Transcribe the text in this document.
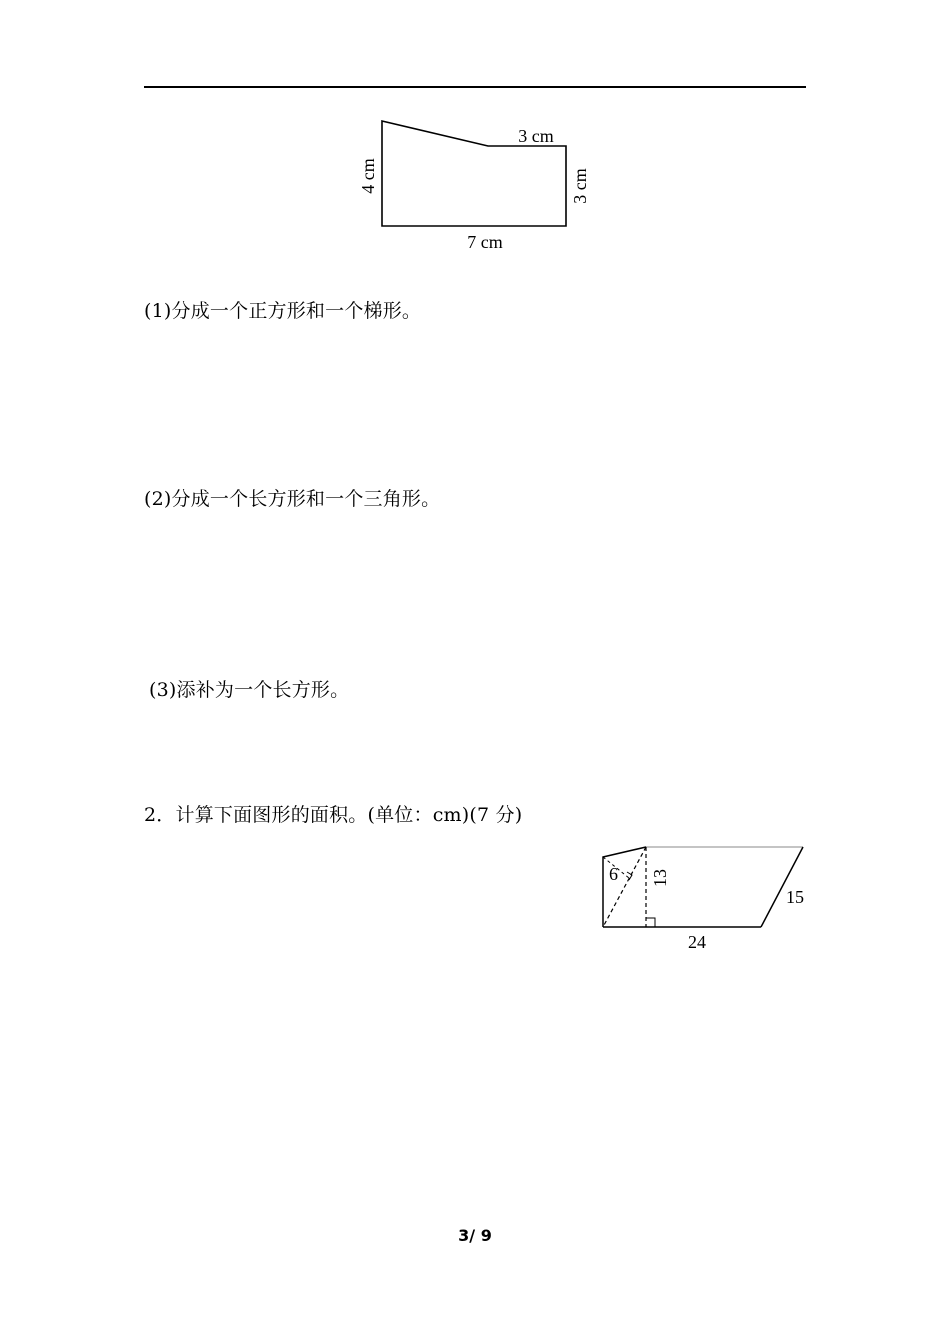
3 cm
4 cm	3 cm
7 cm
(1)分成一个正方形和一个梯形。
(2)分成一个长方形和一个三角形。
(3)添补为一个长方形。
2．计算下面图形的面积。(单位：cm)(7 分)
6 13
15
24
3/ 9
